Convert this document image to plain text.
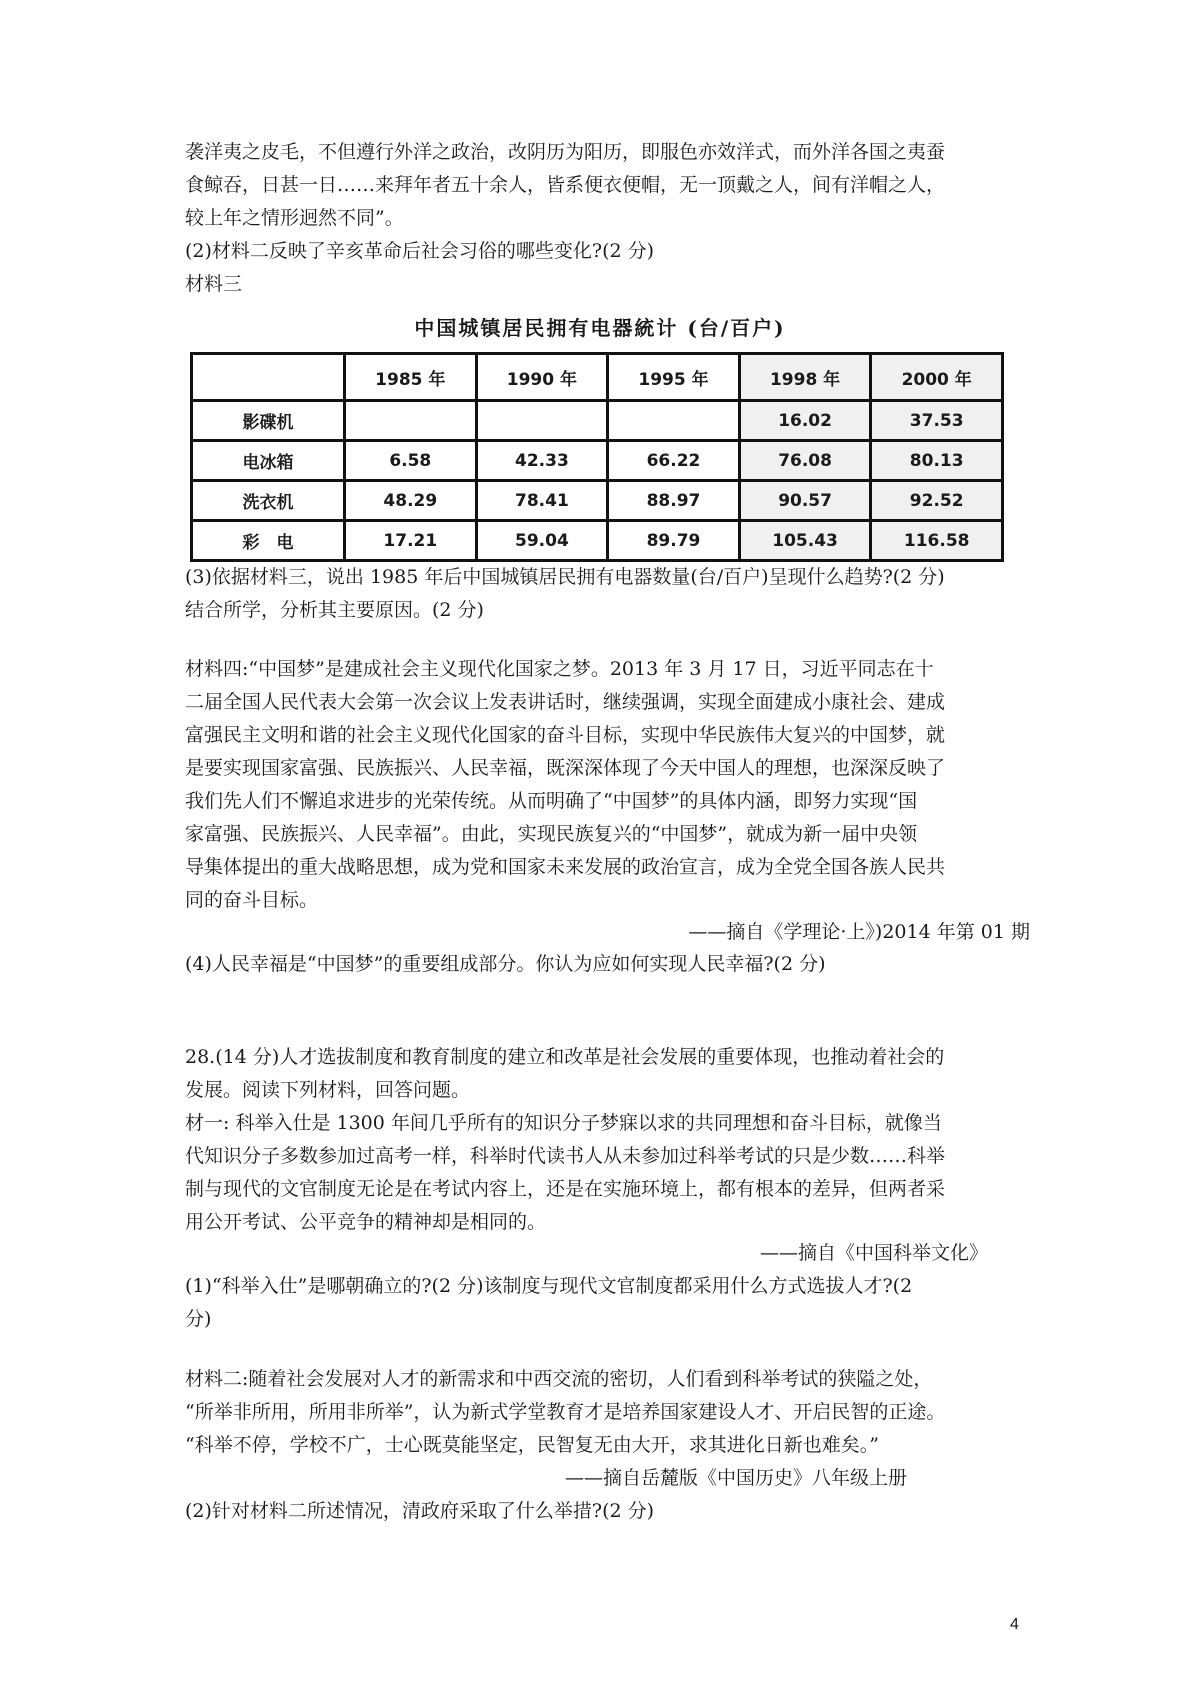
袭洋夷之皮毛，不但遵行外洋之政治，改阴历为阳历，即服色亦效洋式，而外洋各国之夷蚕
食鲸吞，日甚一日……来拜年者五十余人，皆系便衣便帽，无一顶戴之人，间有洋帽之人，
较上年之情形迥然不同”。
(2)材料二反映了辛亥革命后社会习俗的哪些变化?(2 分)
材料三
中国城镇居民拥有电器統计 (台/百户)
	1985 年	1990 年	1995 年	1998 年	2000 年
影碟机				16.02	37.53
电冰箱	6.58	42.33	66.22	76.08	80.13
洗衣机	48.29	78.41	88.97	90.57	92.52
彩　电	17.21	59.04	89.79	105.43	116.58
(3)依据材料三，说出 1985 年后中国城镇居民拥有电器数量(台/百户)呈现什么趋势?(2 分)
结合所学，分析其主要原因。(2 分)
材料四:“中国梦”是建成社会主义现代化国家之梦。2013 年 3 月 17 日，习近平同志在十
二届全国人民代表大会第一次会议上发表讲话时，继续强调，实现全面建成小康社会、建成
富强民主文明和谐的社会主义现代化国家的奋斗目标，实现中华民族伟大复兴的中国梦，就
是要实现国家富强、民族振兴、人民幸福，既深深体现了今天中国人的理想，也深深反映了
我们先人们不懈追求进步的光荣传统。从而明确了“中国梦”的具体内涵，即努力实现“国
家富强、民族振兴、人民幸福”。由此，实现民族复兴的“中国梦”，就成为新一届中央领
导集体提出的重大战略思想，成为党和国家未来发展的政治宣言，成为全党全国各族人民共
同的奋斗目标。
——摘自《学理论·上》)2014 年第 01 期
(4)人民幸福是“中国梦”的重要组成部分。你认为应如何实现人民幸福?(2 分)
28.(14 分)人才选拔制度和教育制度的建立和改革是社会发展的重要体现，也推动着社会的
发展。阅读下列材料，回答问题。
材一: 科举入仕是 1300 年间几乎所有的知识分子梦寐以求的共同理想和奋斗目标，就像当
代知识分子多数参加过高考一样，科举时代读书人从未参加过科举考试的只是少数……科举
制与现代的文官制度无论是在考试内容上，还是在实施环境上，都有根本的差异，但两者采
用公开考试、公平竞争的精神却是相同的。
——摘自《中国科举文化》
(1)“科举入仕”是哪朝确立的?(2 分)该制度与现代文官制度都采用什么方式选拔人才?(2
分)
材料二:随着社会发展对人才的新需求和中西交流的密切，人们看到科举考试的狭隘之处，
“所举非所用，所用非所举”，认为新式学堂教育才是培养国家建设人才、开启民智的正途。
“科举不停，学校不广，士心既莫能坚定，民智复无由大开，求其进化日新也难矣。”
——摘自岳麓版《中国历史》八年级上册
(2)针对材料二所述情况，清政府采取了什么举措?(2 分)
4
